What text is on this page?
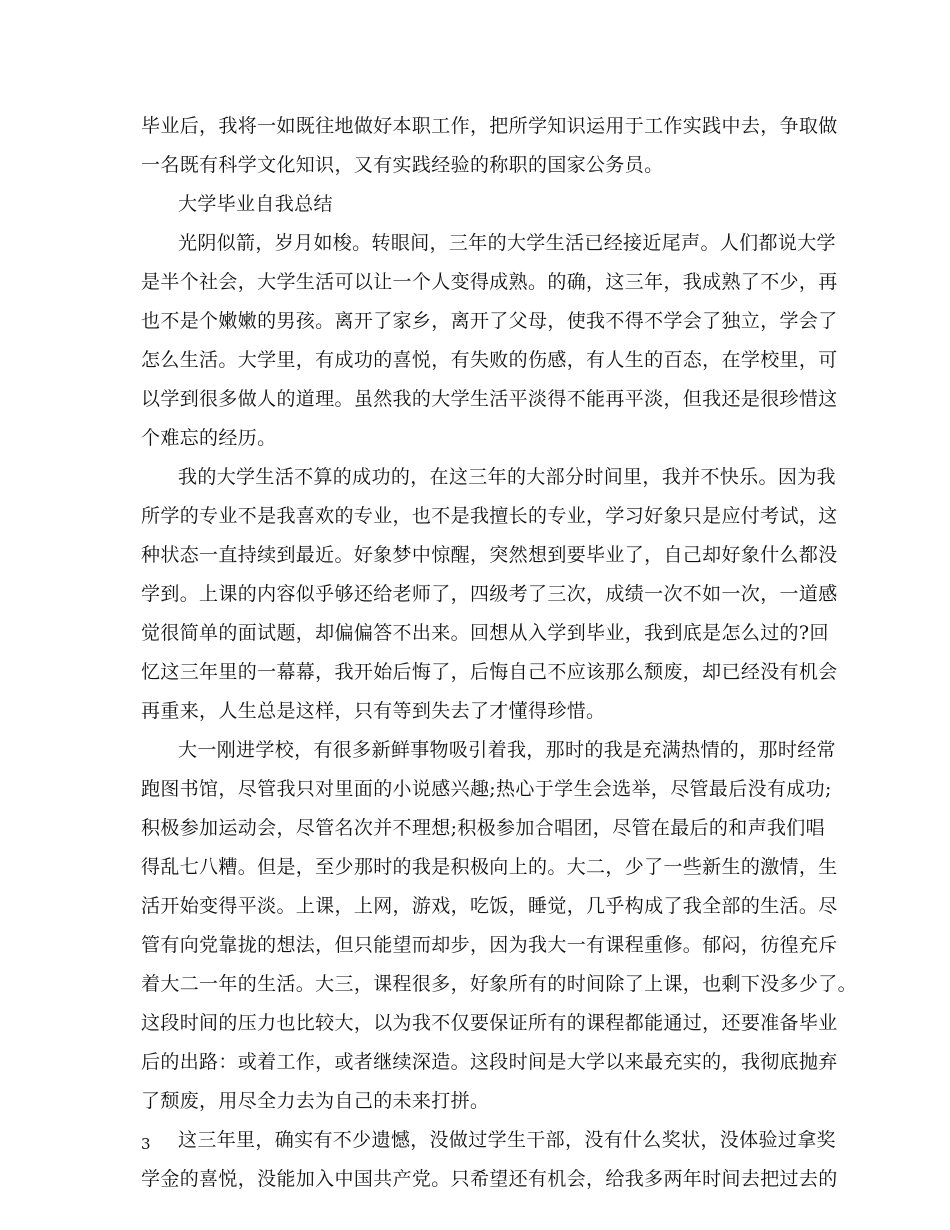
毕业后，我将一如既往地做好本职工作，把所学知识运用于工作实践中去，争取做
一名既有科学文化知识，又有实践经验的称职的国家公务员。
大学毕业自我总结
光阴似箭，岁月如梭。转眼间，三年的大学生活已经接近尾声。人们都说大学
是半个社会，大学生活可以让一个人变得成熟。的确，这三年，我成熟了不少，再
也不是个嫩嫩的男孩。离开了家乡，离开了父母，使我不得不学会了独立，学会了
怎么生活。大学里，有成功的喜悦，有失败的伤感，有人生的百态，在学校里，可
以学到很多做人的道理。虽然我的大学生活平淡得不能再平淡，但我还是很珍惜这
个难忘的经历。
我的大学生活不算的成功的，在这三年的大部分时间里，我并不快乐。因为我
所学的专业不是我喜欢的专业，也不是我擅长的专业，学习好象只是应付考试，这
种状态一直持续到最近。好象梦中惊醒，突然想到要毕业了，自己却好象什么都没
学到。上课的内容似乎够还给老师了，四级考了三次，成绩一次不如一次，一道感
觉很简单的面试题，却偏偏答不出来。回想从入学到毕业，我到底是怎么过的?回
忆这三年里的一幕幕，我开始后悔了，后悔自己不应该那么颓废，却已经没有机会
再重来，人生总是这样，只有等到失去了才懂得珍惜。
大一刚进学校，有很多新鲜事物吸引着我，那时的我是充满热情的，那时经常
跑图书馆，尽管我只对里面的小说感兴趣;热心于学生会选举，尽管最后没有成功;
积极参加运动会，尽管名次并不理想;积极参加合唱团，尽管在最后的和声我们唱
得乱七八糟。但是，至少那时的我是积极向上的。大二，少了一些新生的激情，生
活开始变得平淡。上课，上网，游戏，吃饭，睡觉，几乎构成了我全部的生活。尽
管有向党靠拢的想法，但只能望而却步，因为我大一有课程重修。郁闷，彷徨充斥
着大二一年的生活。大三，课程很多，好象所有的时间除了上课，也剩下没多少了。
这段时间的压力也比较大，以为我不仅要保证所有的课程都能通过，还要准备毕业
后的出路：或着工作，或者继续深造。这段时间是大学以来最充实的，我彻底抛弃
了颓废，用尽全力去为自己的未来打拼。
这三年里，确实有不少遗憾，没做过学生干部，没有什么奖状，没体验过拿奖
学金的喜悦，没能加入中国共产党。只希望还有机会，给我多两年时间去把过去的
3
